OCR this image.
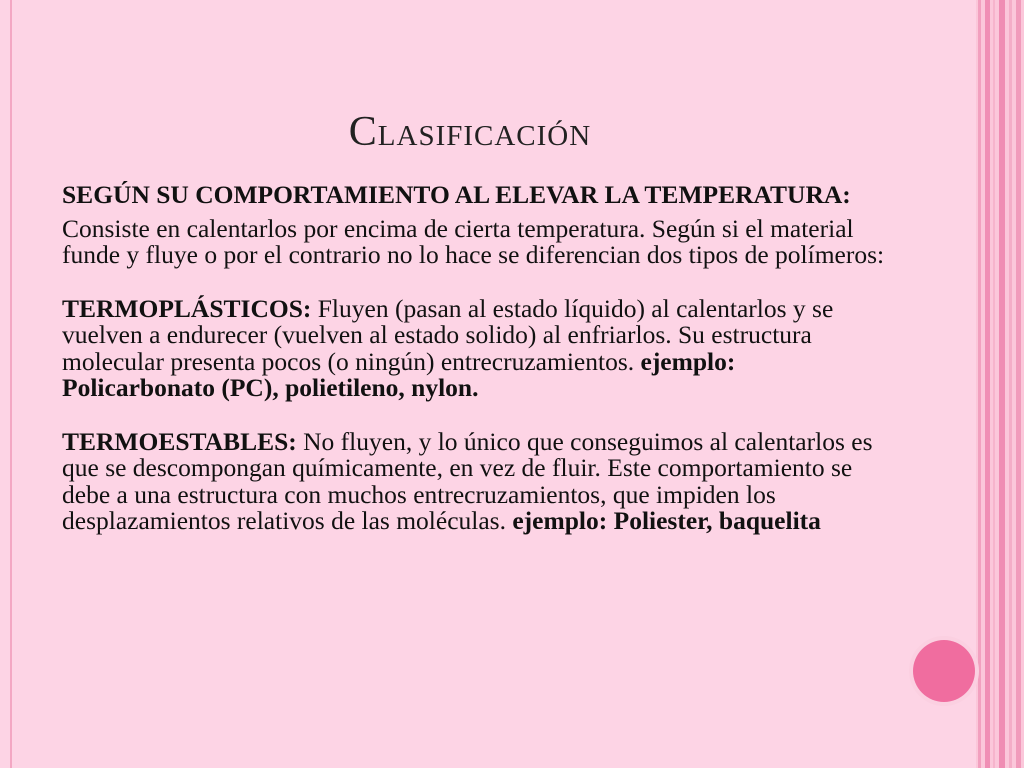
Clasificación

SEGÚN SU COMPORTAMIENTO AL ELEVAR LA TEMPERATURA:

Consiste en calentarlos por encima de cierta temperatura. Según si el material funde y fluye o por el contrario no lo hace se diferencian dos tipos de polímeros:

TERMOPLÁSTICOS: Fluyen (pasan al estado líquido) al calentarlos y se vuelven a endurecer (vuelven al estado solido) al enfriarlos. Su estructura molecular presenta pocos (o ningún) entrecruzamientos. ejemplo: Policarbonato (PC), polietileno, nylon.

TERMOESTABLES: No fluyen, y lo único que conseguimos al calentarlos es que se descompongan químicamente, en vez de fluir. Este comportamiento se debe a una estructura con muchos entrecruzamientos, que impiden los desplazamientos relativos de las moléculas. ejemplo: Poliester, baquelita
